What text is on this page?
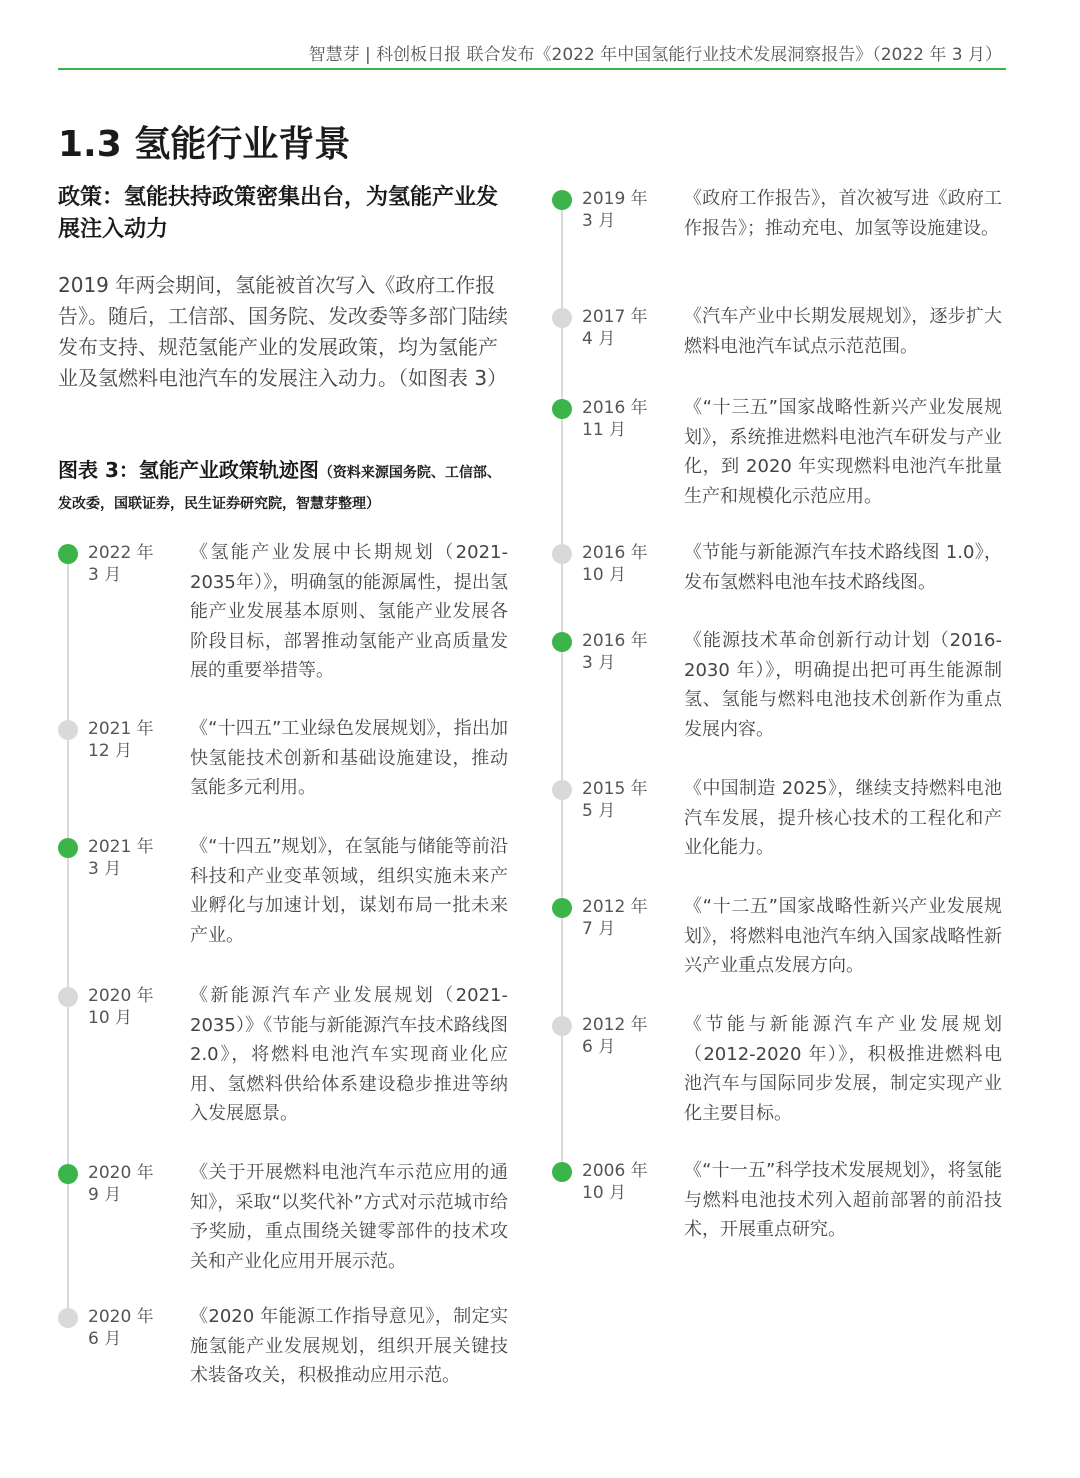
智慧芽 | 科创板日报 联合发布《2022 年中国氢能行业技术发展洞察报告》（2022 年 3 月）
1.3 氢能行业背景
政策：氢能扶持政策密集出台，为氢能产业发展注入动力
2019 年两会期间，氢能被首次写入《政府工作报告》。随后，工信部、国务院、发改委等多部门陆续发布支持、规范氢能产业的发展政策，均为氢能产业及氢燃料电池汽车的发展注入动力。（如图表 3）
图表 3：氢能产业政策轨迹图（资料来源国务院、工信部、发改委，国联证券，民生证券研究院，智慧芽整理）
2022 年
3 月
《氢能产业发展中长期规划（2021-2035年）》，明确氢的能源属性，提出氢能产业发展基本原则、氢能产业发展各阶段目标，部署推动氢能产业高质量发展的重要举措等。
2021 年
12 月
《“十四五”工业绿色发展规划》，指出加快氢能技术创新和基础设施建设，推动氢能多元利用。
2021 年
3 月
《“十四五”规划》，在氢能与储能等前沿科技和产业变革领域，组织实施未来产业孵化与加速计划，谋划布局一批未来产业。
2020 年
10 月
《新能源汽车产业发展规划（2021-2035）》《节能与新能源汽车技术路线图 2.0》，将燃料电池汽车实现商业化应用、氢燃料供给体系建设稳步推进等纳入发展愿景。
2020 年
9 月
《关于开展燃料电池汽车示范应用的通知》，采取“以奖代补”方式对示范城市给予奖励，重点围绕关键零部件的技术攻关和产业化应用开展示范。
2020 年
6 月
《2020 年能源工作指导意见》，制定实施氢能产业发展规划，组织开展关键技术装备攻关，积极推动应用示范。
2019 年
3 月
《政府工作报告》，首次被写进《政府工作报告》；推动充电、加氢等设施建设。
2017 年
4 月
《汽车产业中长期发展规划》，逐步扩大燃料电池汽车试点示范范围。
2016 年
11 月
《“十三五”国家战略性新兴产业发展规划》，系统推进燃料电池汽车研发与产业化，到 2020 年实现燃料电池汽车批量生产和规模化示范应用。
2016 年
10 月
《节能与新能源汽车技术路线图 1.0》，发布氢燃料电池车技术路线图。
2016 年
3 月
《能源技术革命创新行动计划（2016-2030 年）》，明确提出把可再生能源制氢、氢能与燃料电池技术创新作为重点发展内容。
2015 年
5 月
《中国制造 2025》，继续支持燃料电池汽车发展，提升核心技术的工程化和产业化能力。
2012 年
7 月
《“十二五”国家战略性新兴产业发展规划》，将燃料电池汽车纳入国家战略性新兴产业重点发展方向。
2012 年
6 月
《节能与新能源汽车产业发展规划（2012-2020 年）》，积极推进燃料电池汽车与国际同步发展，制定实现产业化主要目标。
2006 年
10 月
《“十一五”科学技术发展规划》，将氢能与燃料电池技术列入超前部署的前沿技术，开展重点研究。
